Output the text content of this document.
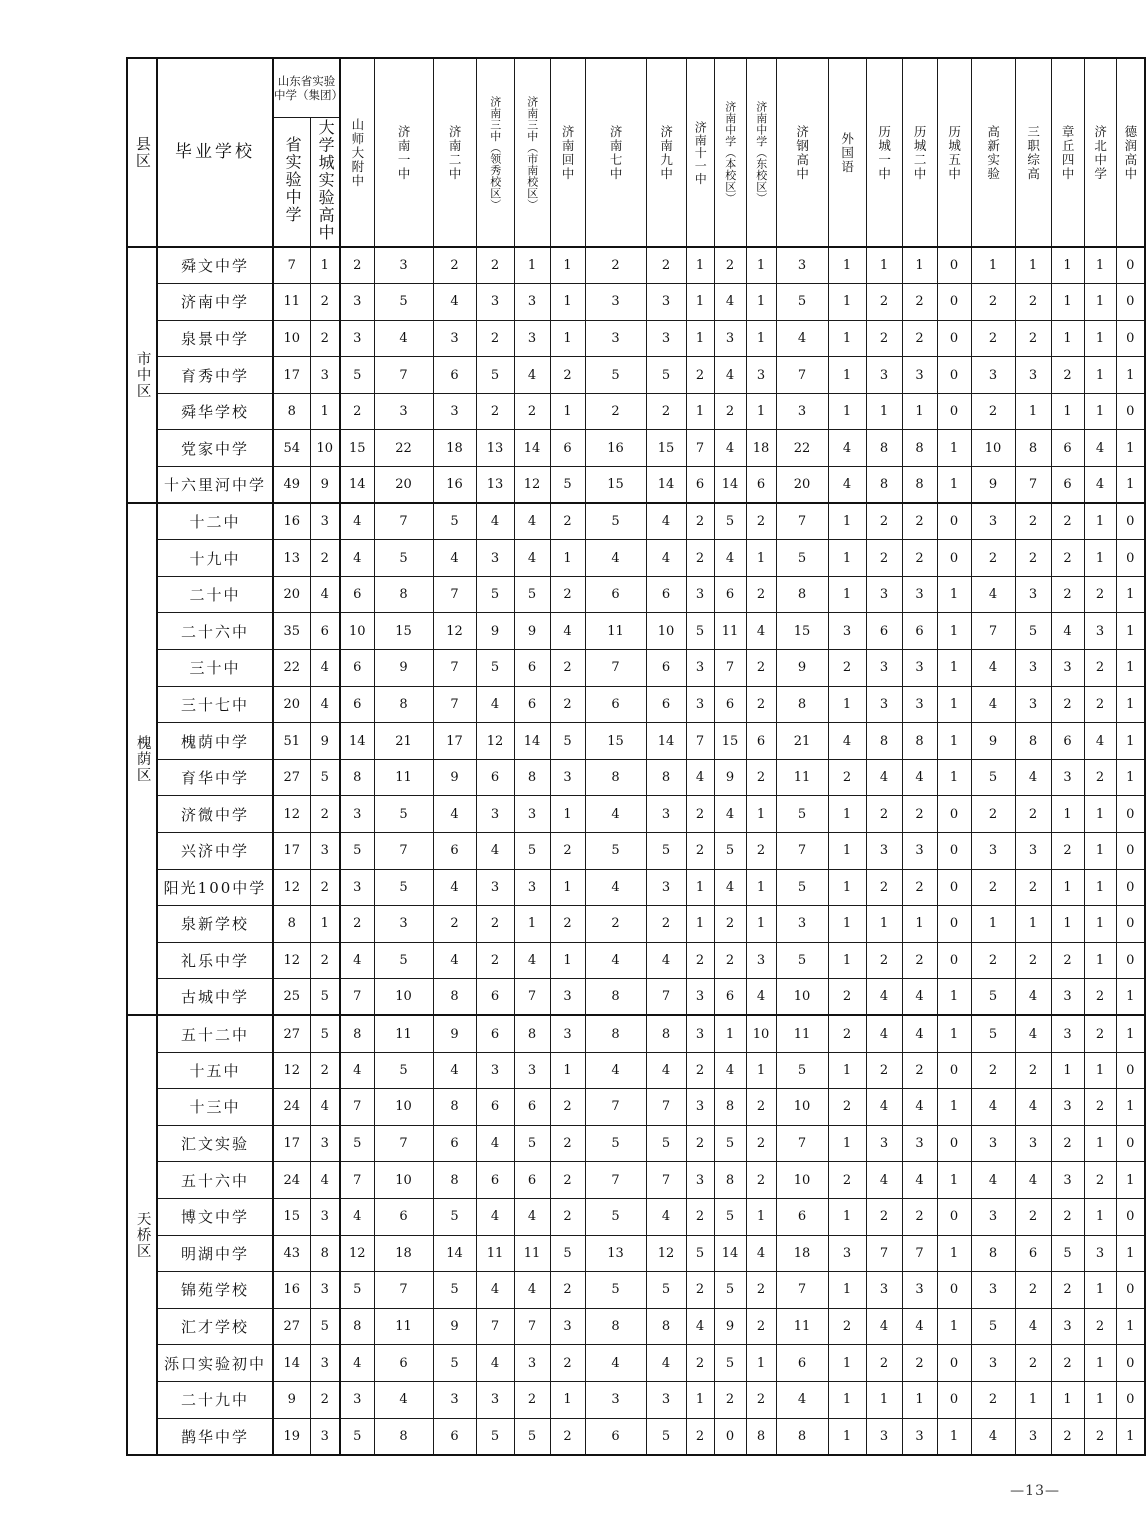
县区	毕业学校	山东省实验中学（集团）		山师大附中	济南一中	济南二中	济南三中（领秀校区）	济南三中（市南校区）	济南回中	济南七中	济南九中	济南十一中	济南中学（本校区）	济南中学（东校区）	济钢高中	外国语	历城一中	历城二中	历城五中	高新实验	三职综高	章丘四中	济北中学	德润高中

		省实验中学	大学城实验高中																					

市中区	舜文中学	7	1	2	3	2	2	1	1	2	2	1	2	1	3	1	1	1	0	1	1	1	1	0
	济南中学	11	2	3	5	4	3	3	1	3	3	1	4	1	5	1	2	2	0	2	2	1	1	0
	泉景中学	10	2	3	4	3	2	3	1	3	3	1	3	1	4	1	2	2	0	2	2	1	1	0
	育秀中学	17	3	5	7	6	5	4	2	5	5	2	4	3	7	1	3	3	0	3	3	2	1	1
	舜华学校	8	1	2	3	3	2	2	1	2	2	1	2	1	3	1	1	1	0	2	1	1	1	0
	党家中学	54	10	15	22	18	13	14	6	16	15	7	4	18	22	4	8	8	1	10	8	6	4	1
	十六里河中学	49	9	14	20	16	13	12	5	15	14	6	14	6	20	4	8	8	1	9	7	6	4	1

槐荫区	十二中	16	3	4	7	5	4	4	2	5	4	2	5	2	7	1	2	2	0	3	2	2	1	0
	十九中	13	2	4	5	4	3	4	1	4	4	2	4	1	5	1	2	2	0	2	2	2	1	0
	二十中	20	4	6	8	7	5	5	2	6	6	3	6	2	8	1	3	3	1	4	3	2	2	1
	二十六中	35	6	10	15	12	9	9	4	11	10	5	11	4	15	3	6	6	1	7	5	4	3	1
	三十中	22	4	6	9	7	5	6	2	7	6	3	7	2	9	2	3	3	1	4	3	3	2	1
	三十七中	20	4	6	8	7	4	6	2	6	6	3	6	2	8	1	3	3	1	4	3	2	2	1
	槐荫中学	51	9	14	21	17	12	14	5	15	14	7	15	6	21	4	8	8	1	9	8	6	4	1
	育华中学	27	5	8	11	9	6	8	3	8	8	4	9	2	11	2	4	4	1	5	4	3	2	1
	济微中学	12	2	3	5	4	3	3	1	4	3	2	4	1	5	1	2	2	0	2	2	1	1	0
	兴济中学	17	3	5	7	6	4	5	2	5	5	2	5	2	7	1	3	3	0	3	3	2	1	0
	阳光100中学	12	2	3	5	4	3	3	1	4	3	1	4	1	5	1	2	2	0	2	2	1	1	0
	泉新学校	8	1	2	3	2	2	1	2	2	2	1	2	1	3	1	1	1	0	1	1	1	1	0
	礼乐中学	12	2	4	5	4	2	4	1	4	4	2	2	3	5	1	2	2	0	2	2	2	1	0
	古城中学	25	5	7	10	8	6	7	3	8	7	3	6	4	10	2	4	4	1	5	4	3	2	1

天桥区	五十二中	27	5	8	11	9	6	8	3	8	8	3	1	10	11	2	4	4	1	5	4	3	2	1
	十五中	12	2	4	5	4	3	3	1	4	4	2	4	1	5	1	2	2	0	2	2	1	1	0
	十三中	24	4	7	10	8	6	6	2	7	7	3	8	2	10	2	4	4	1	4	4	3	2	1
	汇文实验	17	3	5	7	6	4	5	2	5	5	2	5	2	7	1	3	3	0	3	3	2	1	0
	五十六中	24	4	7	10	8	6	6	2	7	7	3	8	2	10	2	4	4	1	4	4	3	2	1
	博文中学	15	3	4	6	5	4	4	2	5	4	2	5	1	6	1	2	2	0	3	2	2	1	0
	明湖中学	43	8	12	18	14	11	11	5	13	12	5	14	4	18	3	7	7	1	8	6	5	3	1
	锦苑学校	16	3	5	7	5	4	4	2	5	5	2	5	2	7	1	3	3	0	3	2	2	1	0
	汇才学校	27	5	8	11	9	7	7	3	8	8	4	9	2	11	2	4	4	1	5	4	3	2	1
	泺口实验初中	14	3	4	6	5	4	3	2	4	4	2	5	1	6	1	2	2	0	3	2	2	1	0
	二十九中	9	2	3	4	3	3	2	1	3	3	1	2	2	4	1	1	1	0	2	1	1	1	0
	鹊华中学	19	3	5	8	6	5	5	2	6	5	2	0	8	8	1	3	3	1	4	3	2	2	1
—13—
